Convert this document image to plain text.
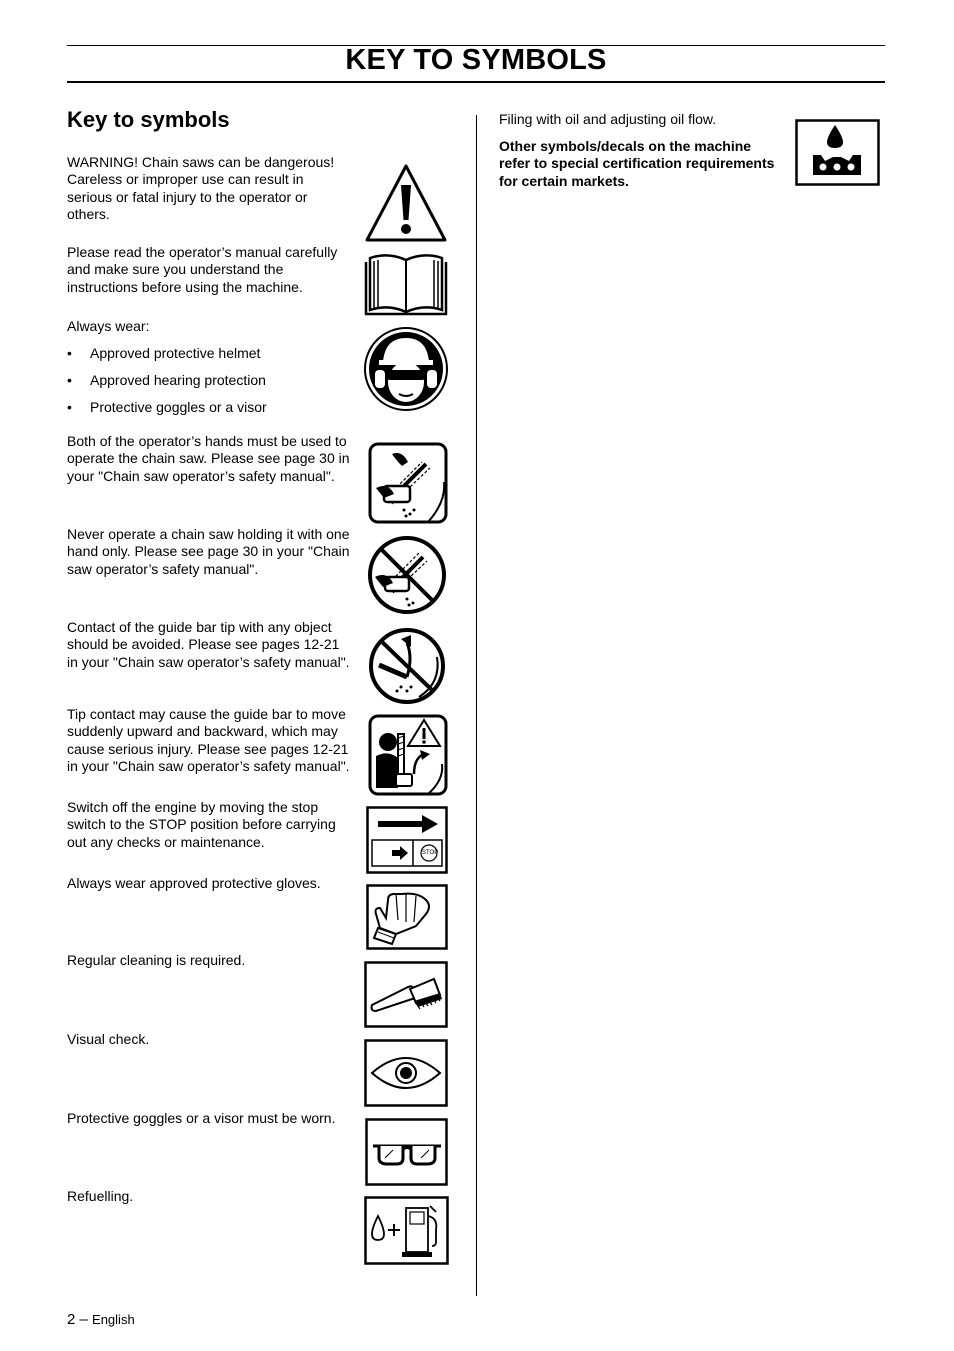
KEY TO SYMBOLS
Key to symbols
WARNING! Chain saws can be dangerous! Careless or improper use can result in serious or fatal injury to the operator or others.
Please read the operator’s manual carefully and make sure you understand the instructions before using the machine.
Always wear:
• Approved protective helmet
• Approved hearing protection
• Protective goggles or a visor
Both of the operator’s hands must be used to operate the chain saw. Please see page 30 in your "Chain saw operator’s safety manual".
Never operate a chain saw holding it with one hand only. Please see page 30 in your "Chain saw operator’s safety manual".
Contact of the guide bar tip with any object should be avoided. Please see pages 12-21 in your "Chain saw operator’s safety manual".
Tip contact may cause the guide bar to move suddenly upward and backward, which may cause serious injury. Please see pages 12-21 in your "Chain saw operator’s safety manual".
Switch off the engine by moving the stop switch to the STOP position before carrying out any checks or maintenance.
Always wear approved protective gloves.
Regular cleaning is required.
Visual check.
Protective goggles or a visor must be worn.
Refuelling.
STOP
Filing with oil and adjusting oil flow.
Other symbols/decals on the machine refer to special certification requirements for certain markets.
2 – English
